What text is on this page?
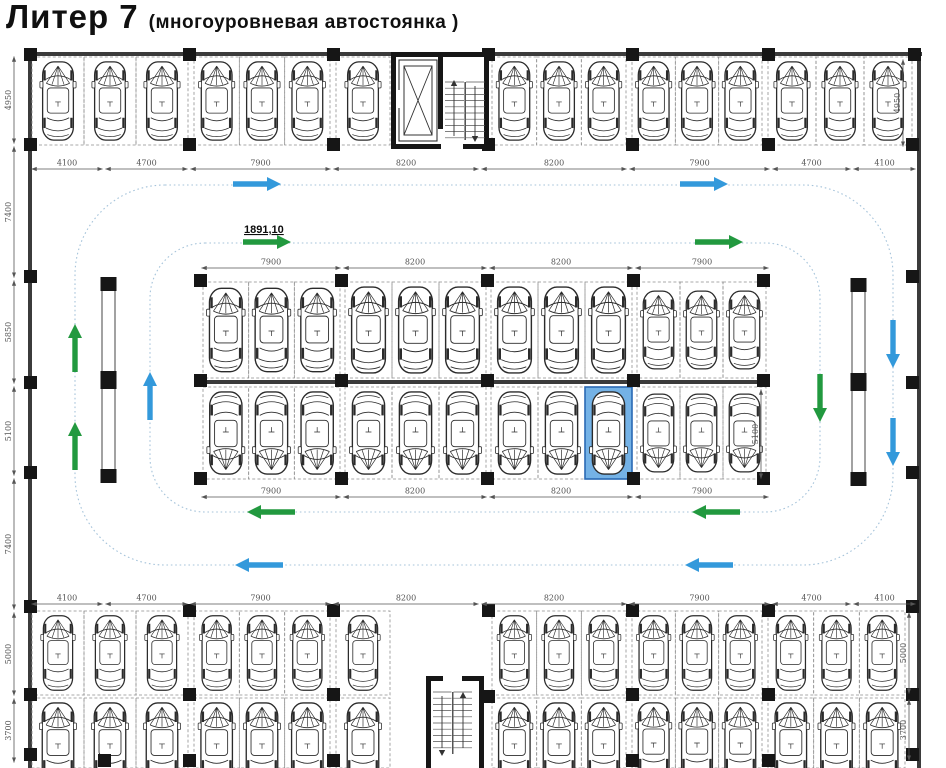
Литер 7 (многоуровневая автостоянка )
4100	4700	7900	8200	8200	7900	4700	4100
7900	8200	8200	7900
7900	8200	8200	7900
4100	4700	7900	8200	8200	7900	4700	4100
4950
7400
5850
5100
7400
5000
3700
4950
5100
5000
3700
1891,10
